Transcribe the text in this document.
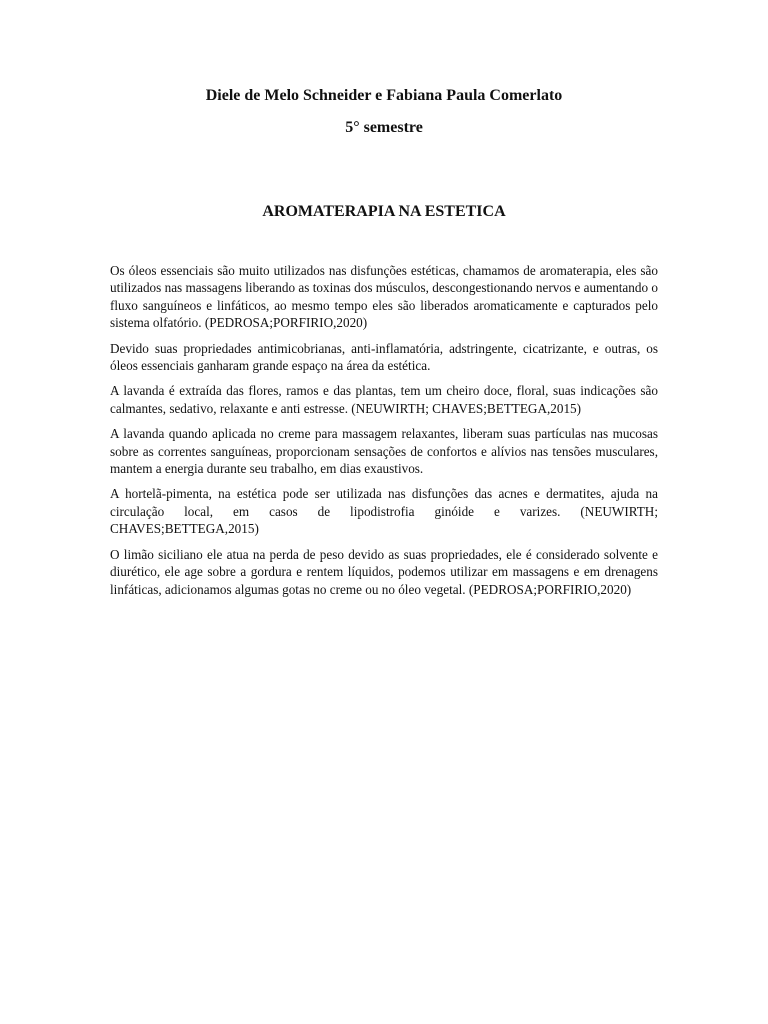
Diele de Melo Schneider e Fabiana Paula Comerlato
5° semestre
AROMATERAPIA NA ESTETICA

Os óleos essenciais são muito utilizados nas disfunções estéticas, chamamos de aromaterapia, eles são utilizados nas massagens liberando as toxinas dos músculos, descongestionando nervos e aumentando o fluxo sanguíneos e linfáticos, ao mesmo tempo eles são liberados aromaticamente e capturados pelo sistema olfatório. (PEDROSA;PORFIRIO,2020)

Devido suas propriedades antimicobrianas, anti-inflamatória, adstringente, cicatrizante, e outras, os óleos essenciais ganharam grande espaço na área da estética.

A lavanda é extraída das flores, ramos e das plantas, tem um cheiro doce, floral, suas indicações são calmantes, sedativo, relaxante e anti estresse. (NEUWIRTH; CHAVES;BETTEGA,2015)

A lavanda quando aplicada no creme para massagem relaxantes, liberam suas partículas nas mucosas sobre as correntes sanguíneas, proporcionam sensações de confortos e alívios nas tensões musculares, mantem a energia durante seu trabalho, em dias exaustivos.

A hortelã-pimenta, na estética pode ser utilizada nas disfunções das acnes e dermatites, ajuda na circulação local, em casos de lipodistrofia ginóide e varizes. (NEUWIRTH; CHAVES;BETTEGA,2015)

O limão siciliano ele atua na perda de peso devido as suas propriedades, ele é considerado solvente e diurético, ele age sobre a gordura e rentem líquidos, podemos utilizar em massagens e em drenagens linfáticas, adicionamos algumas gotas no creme ou no óleo vegetal. (PEDROSA;PORFIRIO,2020)
